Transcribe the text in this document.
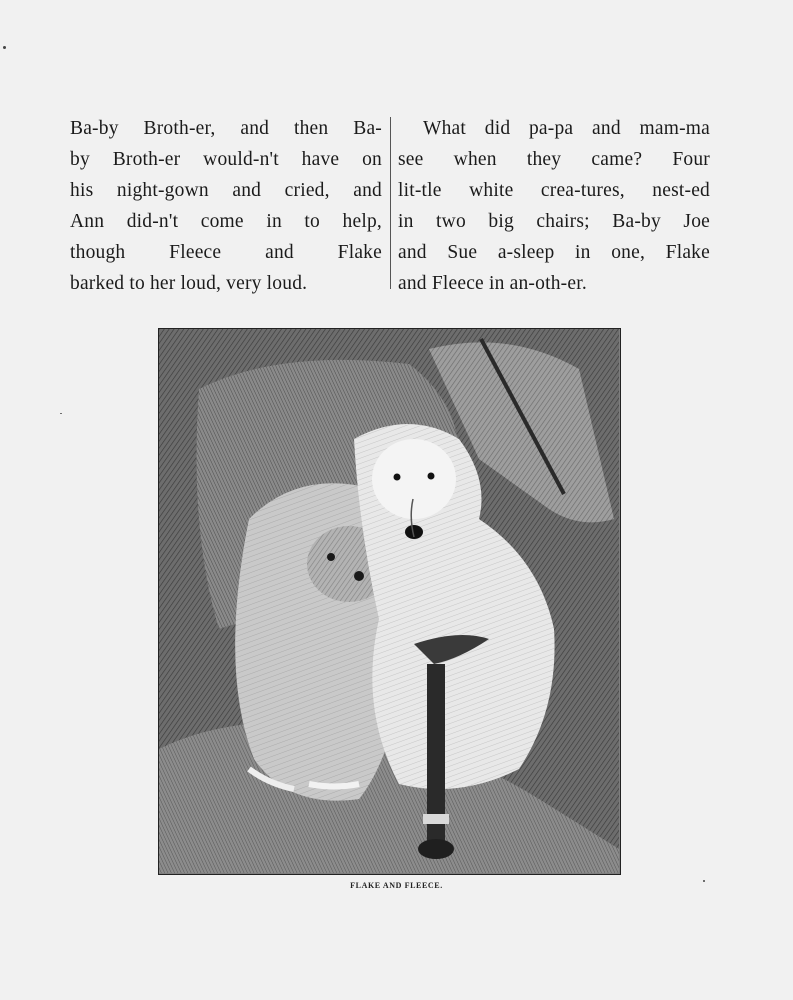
Ba-by Broth-er, and then Ba-

by Broth-er would-n't have on

his night-gown and cried, and

Ann did-n't come in to help,

though Fleece and Flake

barked to her loud, very loud.

What did pa-pa and mam-ma

see when they came? Four

lit-tle white crea-tures, nest-ed

in two big chairs; Ba-by Joe

and Sue a-sleep in one, Flake

and Fleece in an-oth-er.

FLAKE AND FLEECE.
